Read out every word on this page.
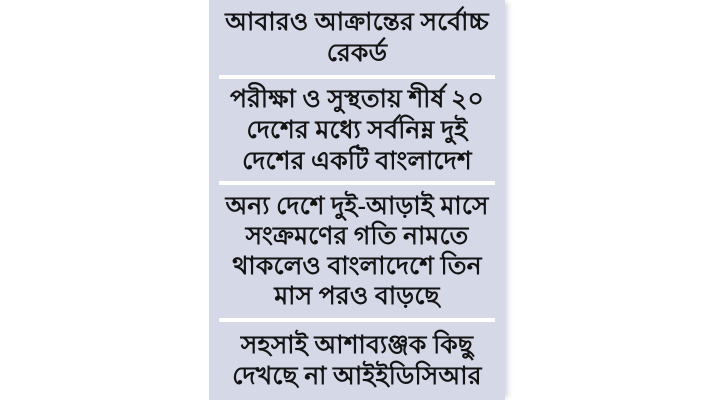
আবারও আক্রান্তের সর্বোচ্চ রেকর্ড
পরীক্ষা ও সুস্থতায় শীর্ষ ২০ দেশের মধ্যে সর্বনিম্ন দুই দেশের একটি বাংলাদেশ
অন্য দেশে দুই-আড়াই মাসে সংক্রমণের গতি নামতে থাকলেও বাংলাদেশে তিন মাস পরও বাড়ছে
সহসাই আশাব্যঞ্জক কিছু দেখছে না আইইডিসিআর
